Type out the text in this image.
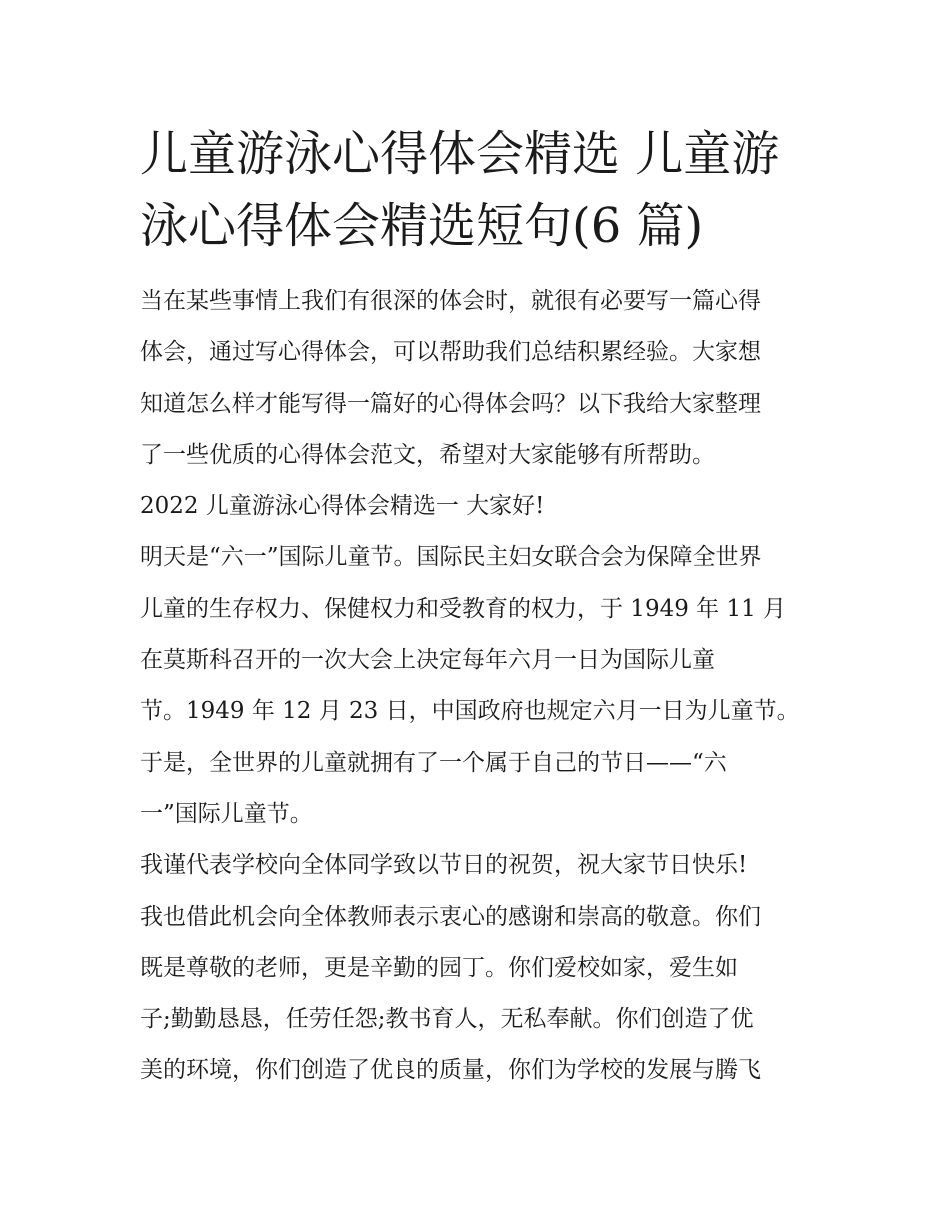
儿童游泳心得体会精选 儿童游
泳心得体会精选短句(6 篇)
当在某些事情上我们有很深的体会时，就很有必要写一篇心得
体会，通过写心得体会，可以帮助我们总结积累经验。大家想
知道怎么样才能写得一篇好的心得体会吗？以下我给大家整理
了一些优质的心得体会范文，希望对大家能够有所帮助。
2022 儿童游泳心得体会精选一 大家好!
明天是“六一”国际儿童节。国际民主妇女联合会为保障全世界
儿童的生存权力、保健权力和受教育的权力，于 1949 年 11 月
在莫斯科召开的一次大会上决定每年六月一日为国际儿童
节。1949 年 12 月 23 日，中国政府也规定六月一日为儿童节。
于是，全世界的儿童就拥有了一个属于自己的节日——“六
一”国际儿童节。
我谨代表学校向全体同学致以节日的祝贺，祝大家节日快乐!
我也借此机会向全体教师表示衷心的感谢和崇高的敬意。你们
既是尊敬的老师，更是辛勤的园丁。你们爱校如家，爱生如
子;勤勤恳恳，任劳任怨;教书育人，无私奉献。你们创造了优
美的环境，你们创造了优良的质量，你们为学校的发展与腾飞
